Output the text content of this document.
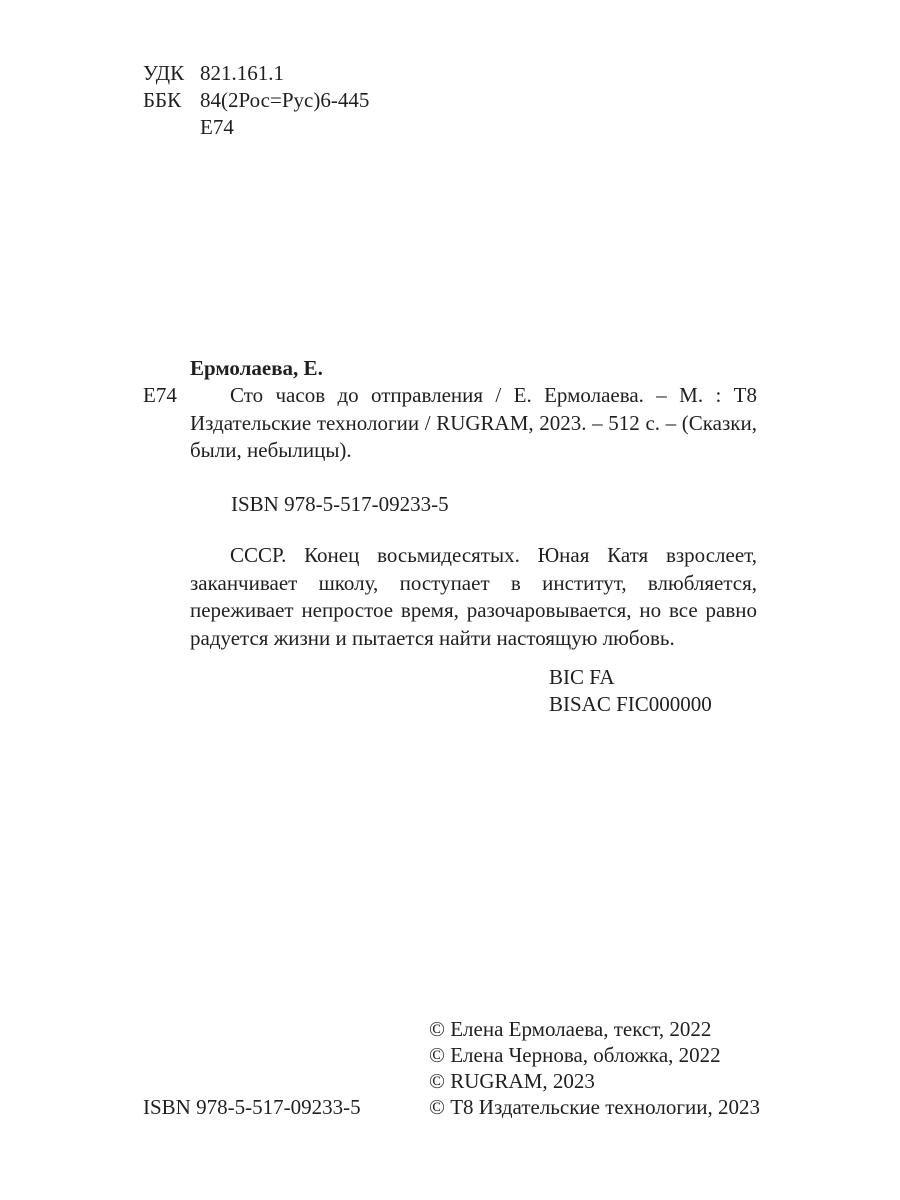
УДК 821.161.1
ББК 84(2Рос=Рус)6-445
Е74
Ермолаева, Е.
Е74	Сто часов до отправления / Е. Ермолаева. – М. : Т8 Издательские технологии / RUGRAM, 2023. – 512 с. – (Сказки, были, небылицы).

ISBN 978-5-517-09233-5

СССР. Конец восьмидесятых. Юная Катя взрослеет, заканчивает школу, поступает в институт, влюбляется, переживает непростое время, разочаровывается, но все равно радуется жизни и пытается найти настоящую любовь.

BIC FA
BISAC FIC000000
© Елена Ермолаева, текст, 2022
© Елена Чернова, обложка, 2022
© RUGRAM, 2023
© Т8 Издательские технологии, 2023
ISBN 978-5-517-09233-5
